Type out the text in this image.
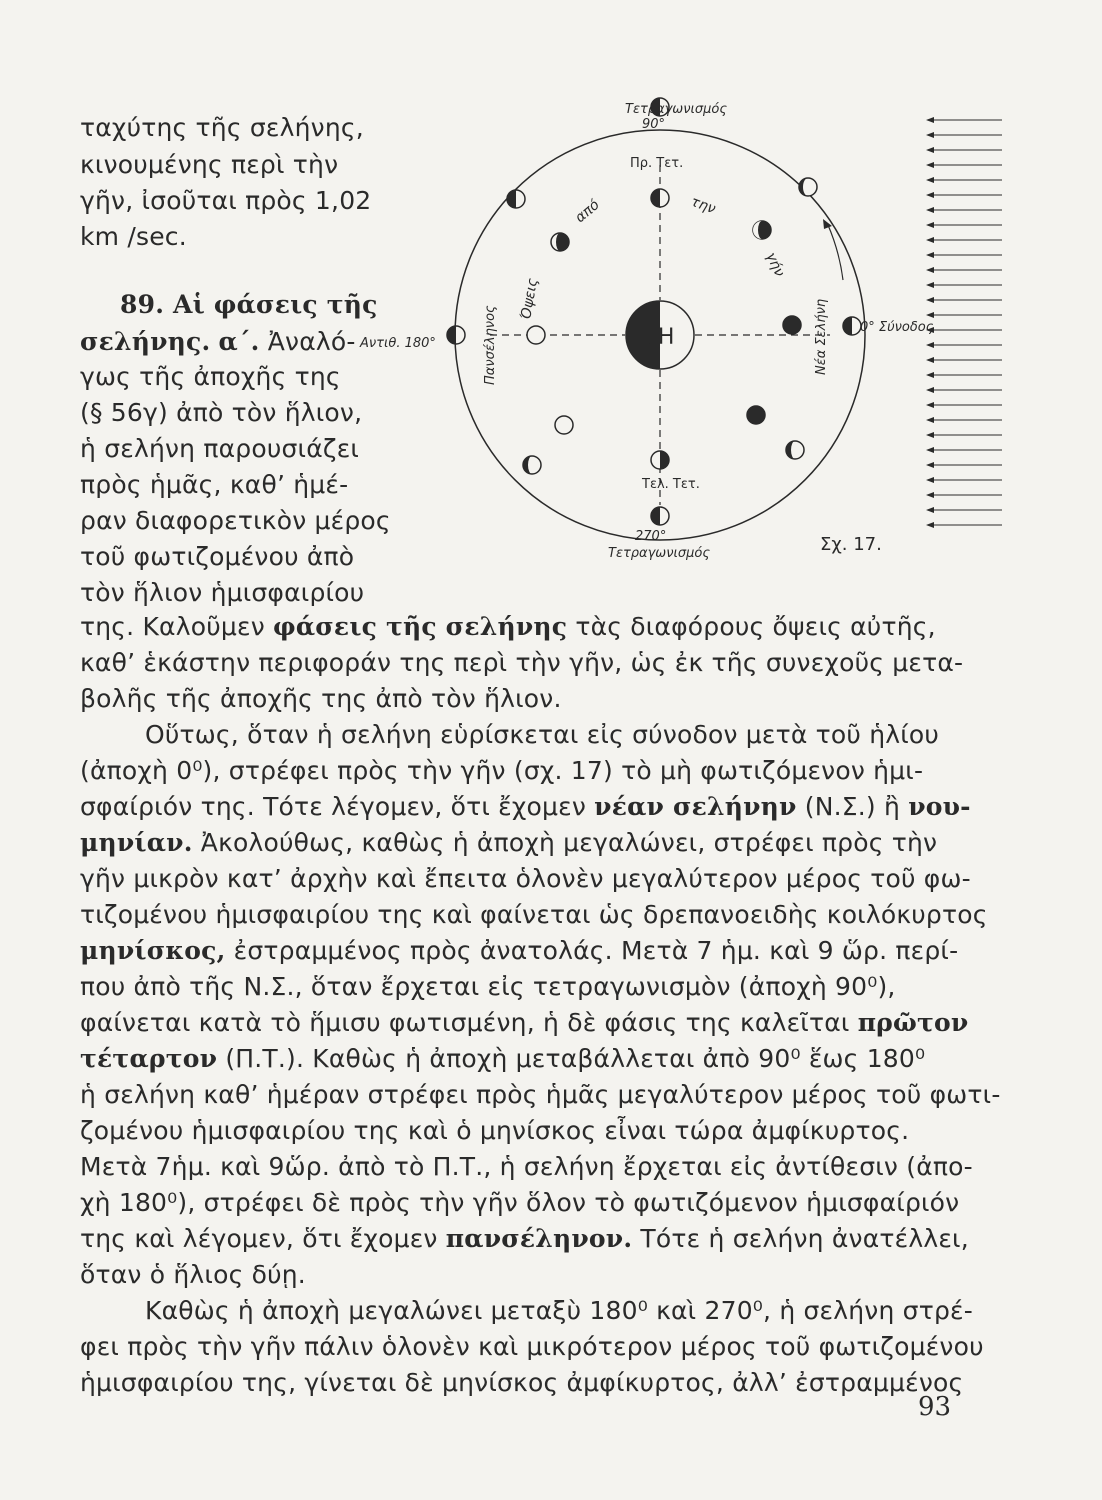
ταχύτης τῆς σελήνης,

κινουμένης περὶ τὴν

γῆν, ἰσοῦται πρὸς 1,02

km /sec.

89. Αἱ φάσεις τῆς

σελήνης. α΄. Ἀναλό-

γως τῆς ἀποχῆς της

(§ 56γ) ἀπὸ τὸν ἥλιον,

ἡ σελήνη παρουσιάζει

πρὸς ἡμᾶς, καθ’ ἡμέ-

ραν διαφορετικὸν μέρος

τοῦ φωτιζομένου ἀπὸ

τὸν ἥλιον ἡμισφαιρίου

της. Καλοῦμεν φάσεις τῆς σελήνης τὰς διαφόρους ὄψεις αὐτῆς,

καθ’ ἑκάστην περιφοράν της περὶ τὴν γῆν, ὡς ἐκ τῆς συνεχοῦς μετα-

βολῆς τῆς ἀποχῆς της ἀπὸ τὸν ἥλιον.

Οὕτως, ὅταν ἡ σελήνη εὑρίσκεται εἰς σύνοδον μετὰ τοῦ ἡλίου

(ἀποχὴ 0⁰), στρέφει πρὸς τὴν γῆν (σχ. 17) τὸ μὴ φωτιζόμενον ἡμι-

σφαίριόν της. Τότε λέγομεν, ὅτι ἔχομεν νέαν σελήνην (Ν.Σ.) ἢ νου-

μηνίαν. Ἀκολούθως, καθὼς ἡ ἀποχὴ μεγαλώνει, στρέφει πρὸς τὴν

γῆν μικρὸν κατ’ ἀρχὴν καὶ ἔπειτα ὁλονὲν μεγαλύτερον μέρος τοῦ φω-

τιζομένου ἡμισφαιρίου της καὶ φαίνεται ὡς δρεπανοειδὴς κοιλόκυρτος

μηνίσκος, ἐστραμμένος πρὸς ἀνατολάς. Μετὰ 7 ἡμ. καὶ 9 ὥρ. περί-

που ἀπὸ τῆς Ν.Σ., ὅταν ἔρχεται εἰς τετραγωνισμὸν (ἀποχὴ 90⁰),

φαίνεται κατὰ τὸ ἥμισυ φωτισμένη, ἡ δὲ φάσις της καλεῖται πρῶτον

τέταρτον (Π.Τ.). Καθὼς ἡ ἀποχὴ μεταβάλλεται ἀπὸ 90⁰ ἕως 180⁰

ἡ σελήνη καθ’ ἡμέραν στρέφει πρὸς ἡμᾶς μεγαλύτερον μέρος τοῦ φωτι-

ζομένου ἡμισφαιρίου της καὶ ὁ μηνίσκος εἶναι τώρα ἀμφίκυρτος.

Μετὰ 7ἡμ. καὶ 9ὥρ. ἀπὸ τὸ Π.Τ., ἡ σελήνη ἔρχεται εἰς ἀντίθεσιν (ἀπο-

χὴ 180⁰), στρέφει δὲ πρὸς τὴν γῆν ὅλον τὸ φωτιζόμενον ἡμισφαίριόν

της καὶ λέγομεν, ὅτι ἔχομεν πανσέληνον. Τότε ἡ σελήνη ἀνατέλλει,

ὅταν ὁ ἥλιος δύῃ.

Καθὼς ἡ ἀποχὴ μεγαλώνει μεταξὺ 180⁰ καὶ 270⁰, ἡ σελήνη στρέ-

φει πρὸς τὴν γῆν πάλιν ὁλονὲν καὶ μικρότερον μέρος τοῦ φωτιζομένου

ἡμισφαιρίου της, γίνεται δὲ μηνίσκος ἀμφίκυρτος, ἀλλ’ ἐστραμμένος

93

ΓΗ
Τετραγωνισμός
90°
Πρ. Τετ.
Αντιθ. 180°
0° Σύνοδος
Τελ. Τετ.
270°
Τετραγωνισμός	Σχ. 17.
Πανσέληνος	Νέα Σελήνη
Όψεις
από	την
γήν
